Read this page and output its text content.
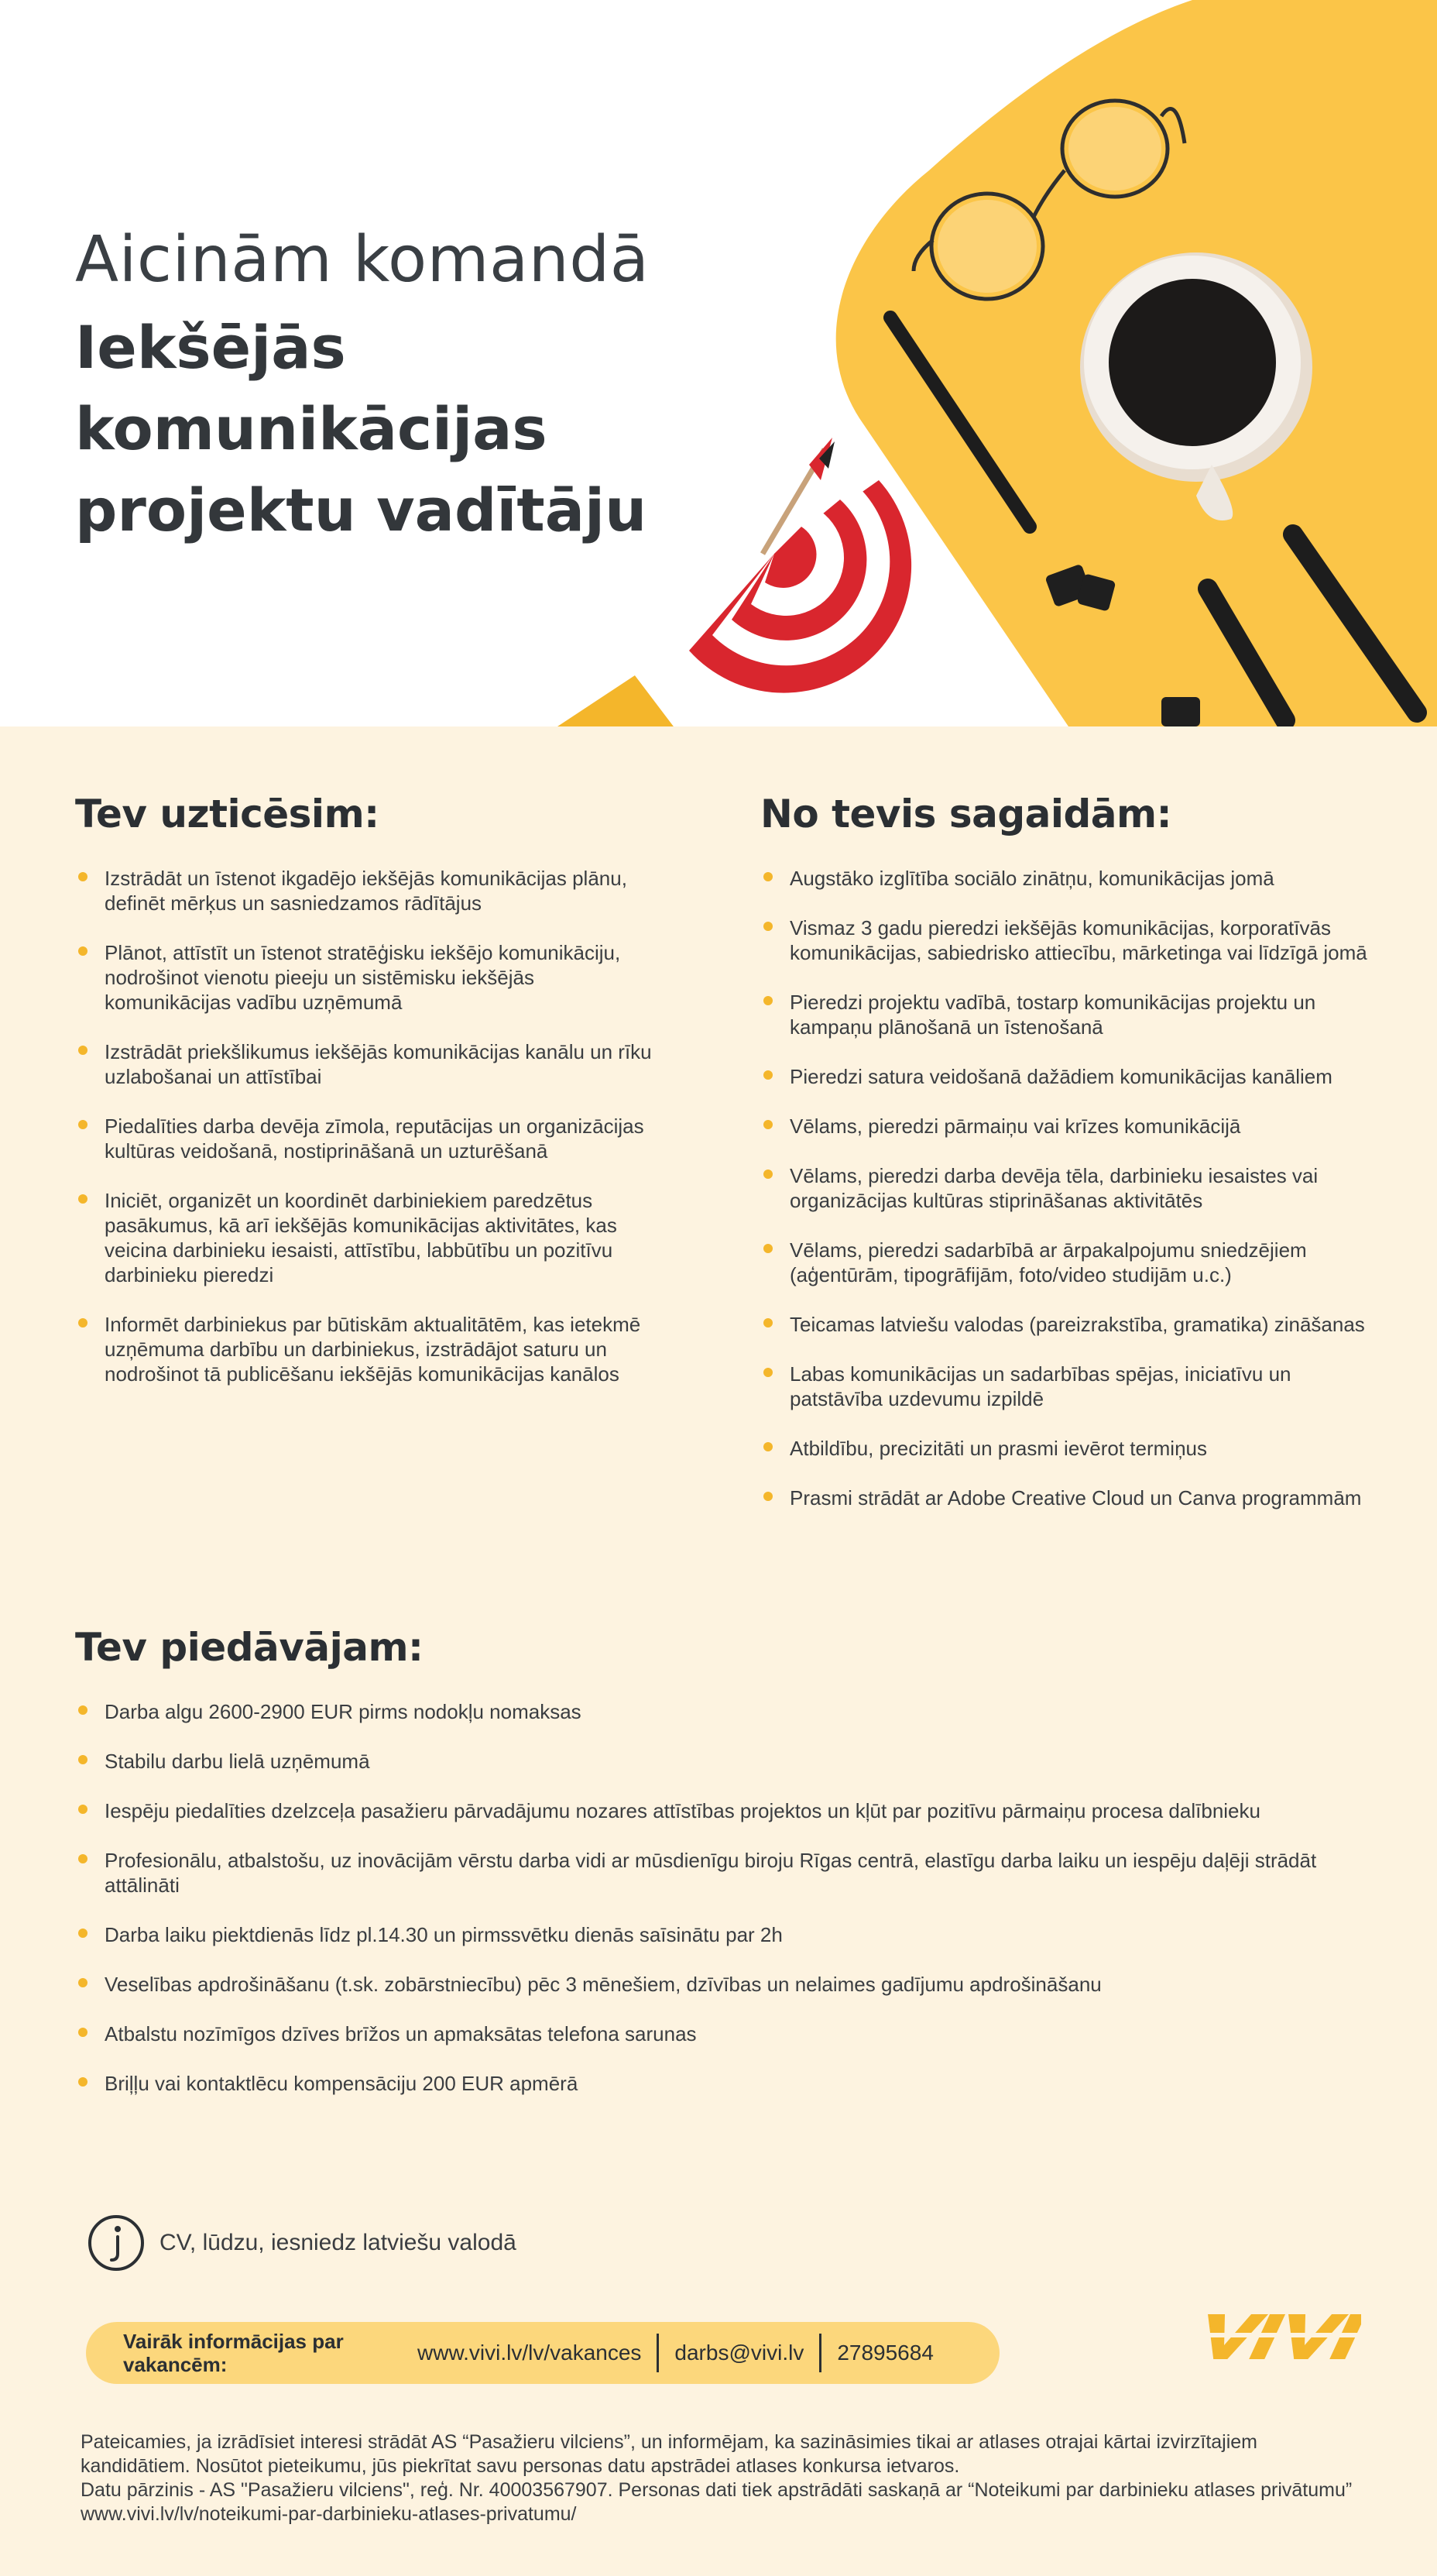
Aicinām komandā

Iekšējās
komunikācijas
projektu vadītāju
Tev uzticēsim:
Izstrādāt un īstenot ikgadējo iekšējās komunikācijas plānu, definēt mērķus un sasniedzamos rādītājus
Plānot, attīstīt un īstenot stratēģisku iekšējo komunikāciju, nodrošinot vienotu pieeju un sistēmisku iekšējās komunikācijas vadību uzņēmumā
Izstrādāt priekšlikumus iekšējās komunikācijas kanālu un rīku uzlabošanai un attīstībai
Piedalīties darba devēja zīmola, reputācijas un organizācijas kultūras veidošanā, nostiprināšanā un uzturēšanā
Iniciēt, organizēt un koordinēt darbiniekiem paredzētus pasākumus, kā arī iekšējās komunikācijas aktivitātes, kas veicina darbinieku iesaisti, attīstību, labbūtību un pozitīvu darbinieku pieredzi
Informēt darbiniekus par būtiskām aktualitātēm, kas ietekmē uzņēmuma darbību un darbiniekus, izstrādājot saturu un nodrošinot tā publicēšanu iekšējās komunikācijas kanālos
No tevis sagaidām:
Augstāko izglītība sociālo zinātņu, komunikācijas jomā
Vismaz 3 gadu pieredzi iekšējās komunikācijas, korporatīvās komunikācijas, sabiedrisko attiecību, mārketinga vai līdzīgā jomā
Pieredzi projektu vadībā, tostarp komunikācijas projektu un kampaņu plānošanā un īstenošanā
Pieredzi satura veidošanā dažādiem komunikācijas kanāliem
Vēlams, pieredzi pārmaiņu vai krīzes komunikācijā
Vēlams, pieredzi darba devēja tēla, darbinieku iesaistes vai organizācijas kultūras stiprināšanas aktivitātēs
Vēlams, pieredzi sadarbībā ar ārpakalpojumu sniedzējiem (aģentūrām, tipogrāfijām, foto/video studijām u.c.)
Teicamas latviešu valodas (pareizrakstība, gramatika) zināšanas
Labas komunikācijas un sadarbības spējas, iniciatīvu un patstāvība uzdevumu izpildē
Atbildību, precizitāti un prasmi ievērot termiņus
Prasmi strādāt ar Adobe Creative Cloud un Canva programmām
Tev piedāvājam:
Darba algu 2600-2900 EUR pirms nodokļu nomaksas
Stabilu darbu lielā uzņēmumā
Iespēju piedalīties dzelzceļa pasažieru pārvadājumu nozares attīstības projektos un kļūt par pozitīvu pārmaiņu procesa dalībnieku
Profesionālu, atbalstošu, uz inovācijām vērstu darba vidi ar mūsdienīgu biroju Rīgas centrā, elastīgu darba laiku un iespēju daļēji strādāt attālināti
Darba laiku piektdienās līdz pl.14.30 un pirmssvētku dienās saīsinātu par 2h
Veselības apdrošināšanu (t.sk. zobārstniecību) pēc 3 mēnešiem, dzīvības un nelaimes gadījumu apdrošināšanu
Atbalstu nozīmīgos dzīves brīžos un apmaksātas telefona sarunas
Briļļu vai kontaktlēcu kompensāciju 200 EUR apmērā
CV, lūdzu, iesniedz latviešu valodā
Vairāk informācijas par vakancēm:	www.vivi.lv/lv/vakances	darbs@vivi.lv	27895684

Pateicamies, ja izrādīsiet interesi strādāt AS “Pasažieru vilciens”, un informējam, ka sazināsimies tikai ar atlases otrajai kārtai izvirzītajiem kandidātiem. Nosūtot pieteikumu, jūs piekrītat savu personas datu apstrādei atlases konkursa ietvaros.

Datu pārzinis - AS "Pasažieru vilciens", reģ. Nr. 40003567907. Personas dati tiek apstrādāti saskaņā ar “Noteikumi par darbinieku atlases privātumu” www.vivi.lv/lv/noteikumi-par-darbinieku-atlases-privatumu/
